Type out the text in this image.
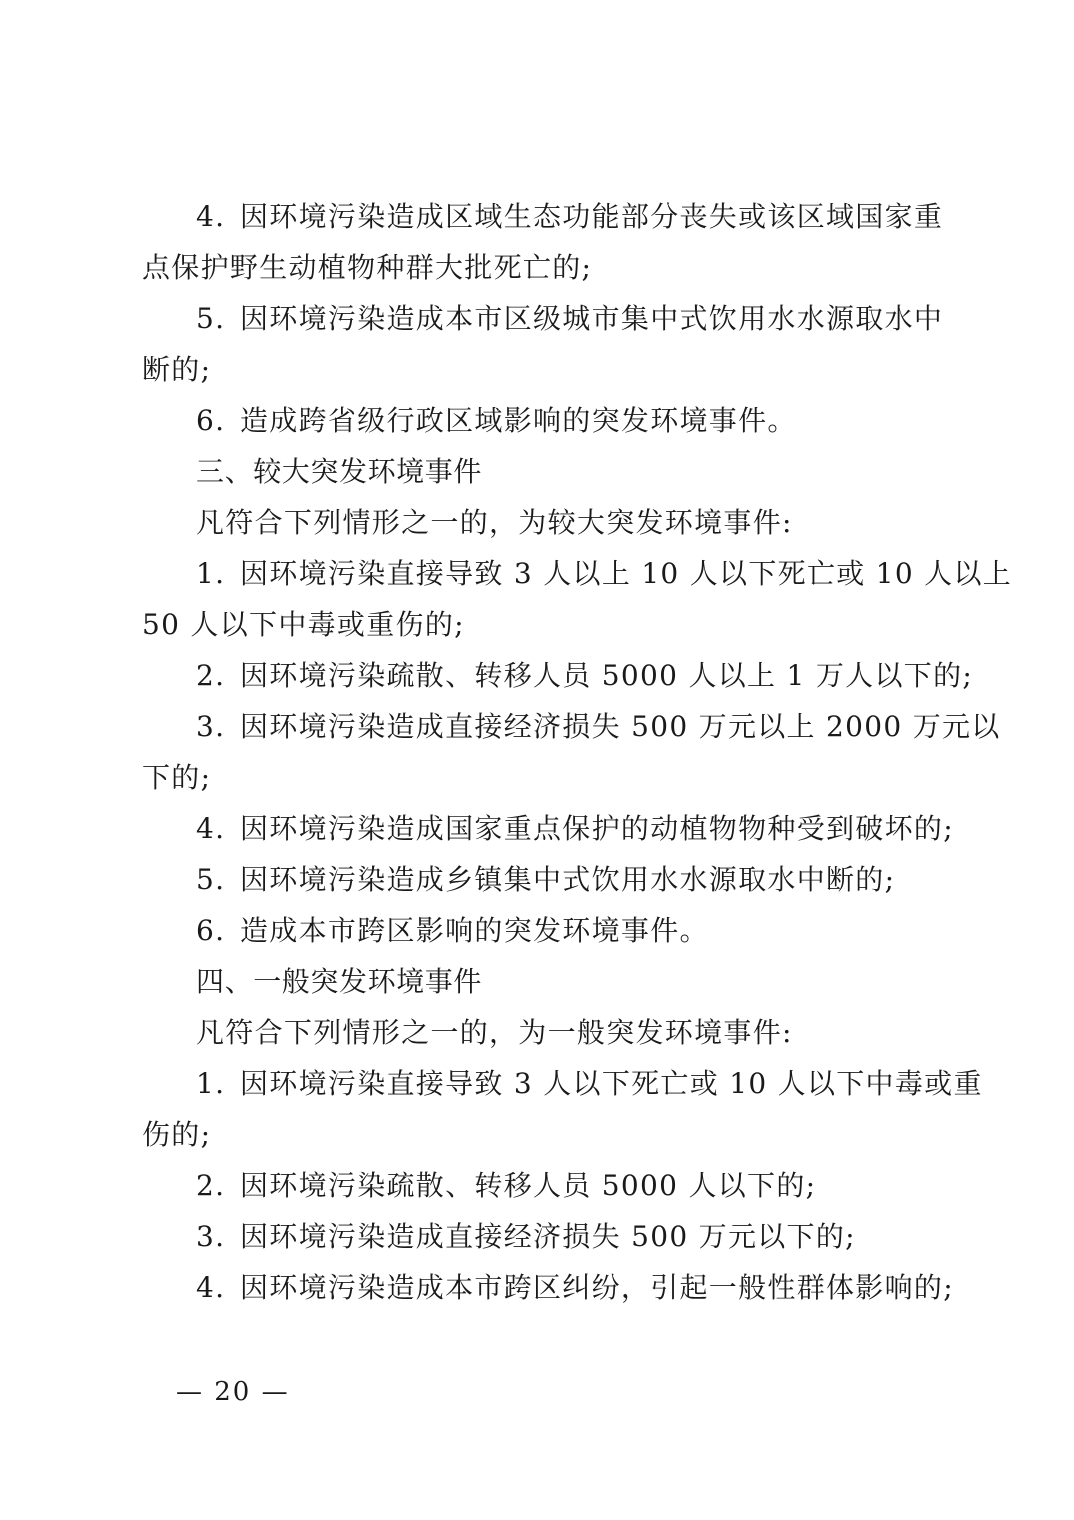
4. 因环境污染造成区域生态功能部分丧失或该区域国家重
点保护野生动植物种群大批死亡的;
5. 因环境污染造成本市区级城市集中式饮用水水源取水中
断的;
6. 造成跨省级行政区域影响的突发环境事件。
三、较大突发环境事件
凡符合下列情形之一的，为较大突发环境事件:
1. 因环境污染直接导致 3 人以上 10 人以下死亡或 10 人以上
50 人以下中毒或重伤的;
2. 因环境污染疏散、转移人员 5000 人以上 1 万人以下的;
3. 因环境污染造成直接经济损失 500 万元以上 2000 万元以
下的;
4. 因环境污染造成国家重点保护的动植物物种受到破坏的;
5. 因环境污染造成乡镇集中式饮用水水源取水中断的;
6. 造成本市跨区影响的突发环境事件。
四、一般突发环境事件
凡符合下列情形之一的，为一般突发环境事件:
1. 因环境污染直接导致 3 人以下死亡或 10 人以下中毒或重
伤的;
2. 因环境污染疏散、转移人员 5000 人以下的;
3. 因环境污染造成直接经济损失 500 万元以下的;
4. 因环境污染造成本市跨区纠纷，引起一般性群体影响的;
— 20 —
